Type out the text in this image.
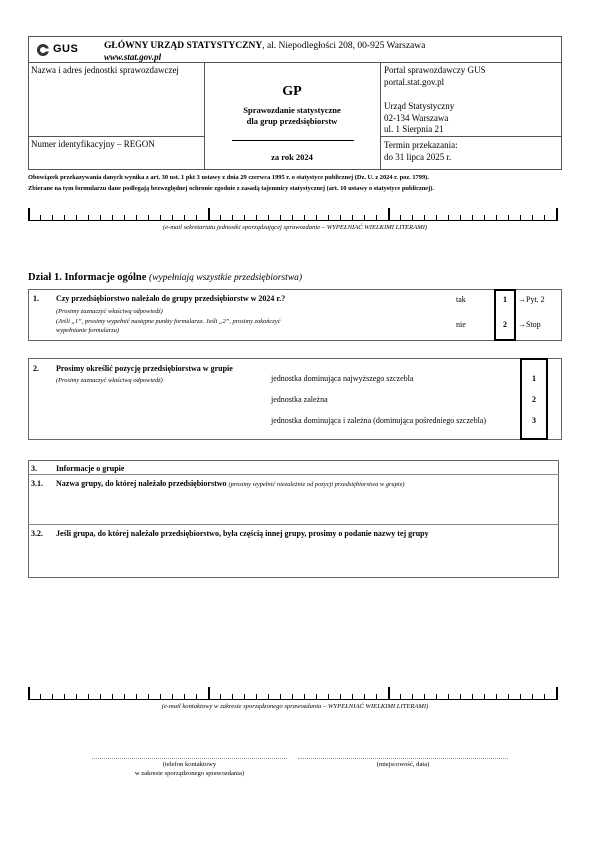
GUS	GŁÓWNY URZĄD STATYSTYCZNY, al. Niepodległości 208, 00-925 Warszawa
www.stat.gov.pl
Nazwa i adres jednostki sprawozdawczej
Numer identyfikacyjny – REGON
GP
Sprawozdanie statystyczne
dla grup przedsiębiorstw
za rok 2024
Portal sprawozdawczy GUS
portal.stat.gov.pl
Urząd Statystyczny
02-134 Warszawa
ul. 1 Sierpnia 21
Termin przekazania:
do 31 lipca 2025 r.
Obowiązek przekazywania danych wynika z art. 30 ust. 1 pkt 3 ustawy z dnia 29 czerwca 1995 r. o statystyce publicznej (Dz. U. z 2024 r. poz. 1799).
Zbierane na tym formularzu dane podlegają bezwzględnej ochronie zgodnie z zasadą tajemnicy statystycznej (art. 10 ustawy o statystyce publicznej).
(e-mail sekretariatu jednostki sporządzającej sprawozdanie – WYPEŁNIAĆ WIELKIMI LITERAMI)
Dział 1. Informacje ogólne (wypełniają wszystkie przedsiębiorstwa)
1. Czy przedsiębiorstwo należało do grupy przedsiębiorstw w 2024 r.?
(Prosimy zaznaczyć właściwą odpowiedź)
(Jeśli „1”, prosimy wypełnić następne punkty formularza. Jeśli „2”, prosimy zakończyć
wypełnianie formularza)
tak
nie
1
2
→Pyt. 2
→Stop
2. Prosimy określić pozycję przedsiębiorstwa w grupie
(Prosimy zaznaczyć właściwą odpowiedź)	jednostka dominująca najwyższego szczebla
jednostka zależna
jednostka dominująca i zależna (dominująca pośredniego szczebla)
1
2
3
3. Informacje o grupie
3.1. Nazwa grupy, do której należało przedsiębiorstwo (prosimy wypełnić niezależnie od pozycji przedsiębiorstwa w grupie)
3.2. Jeśli grupa, do której należało przedsiębiorstwo, była częścią innej grupy, prosimy o podanie nazwy tej grupy
(e-mail kontaktowy w zakresie sporządzonego sprawozdania – WYPEŁNIAĆ WIELKIMI LITERAMI)
(telefon kontaktowy
w zakresie sporządzonego sprawozdania)
(miejscowość, data)
